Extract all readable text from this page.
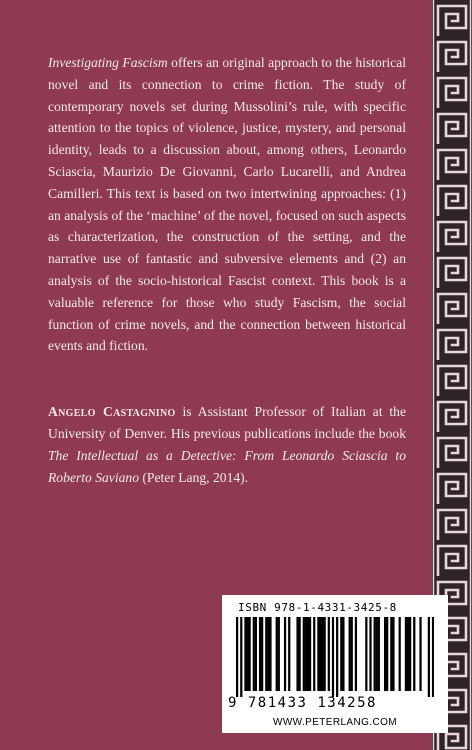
Investigating Fascism offers an original approach to the historical novel and its connection to crime fiction. The study of contemporary novels set during Mussolini’s rule, with specific attention to the topics of violence, justice, mystery, and personal identity, leads to a discussion about, among others, Leonardo Sciascia, Maurizio De Giovanni, Carlo Lucarelli, and Andrea Camilleri. This text is based on two intertwining approaches: (1) an analysis of the ‘machine’ of the novel, focused on such aspects as characterization, the construction of the setting, and the narrative use of fantastic and subversive elements and (2) an analysis of the socio-historical Fascist context. This book is a valuable reference for those who study Fascism, the social function of crime novels, and the connection between historical events and fiction.

Angelo Castagnino is Assistant Professor of Italian at the University of Denver. His previous publications include the book The Intellectual as a Detective: From Leonardo Sciascia to Roberto Saviano (Peter Lang, 2014).

ISBN 978-1-4331-3425-8
9 781433 134258
WWW.PETERLANG.COM
